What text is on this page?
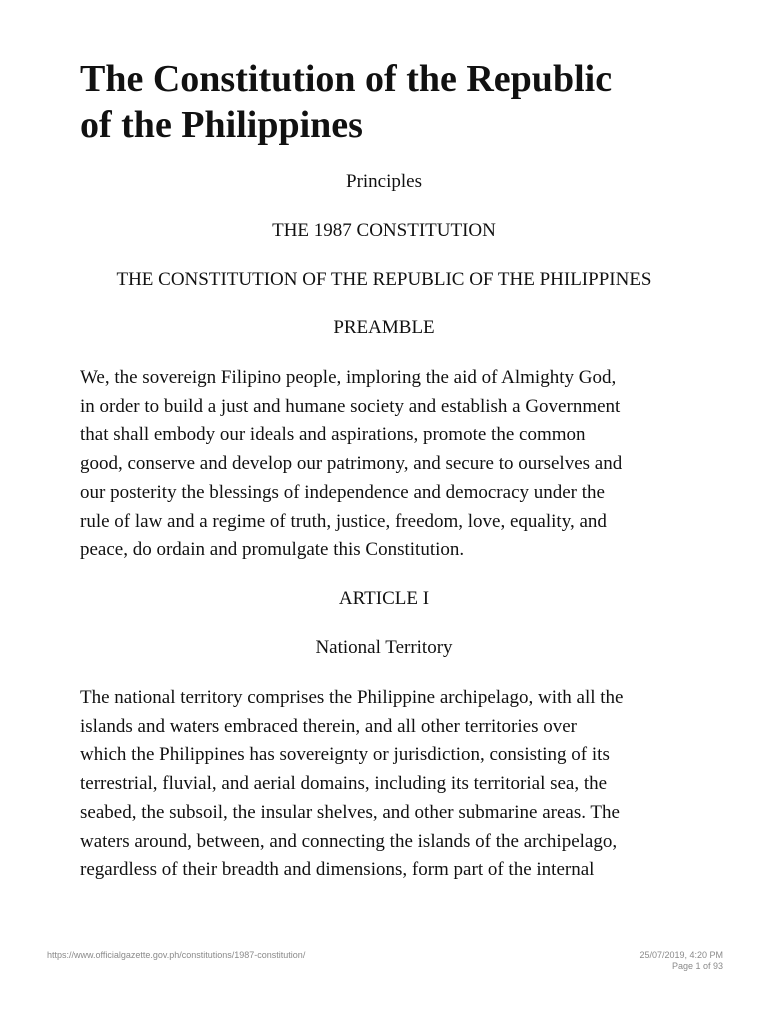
The Constitution of the Republic
of the Philippines

Principles

THE 1987 CONSTITUTION

THE CONSTITUTION OF THE REPUBLIC OF THE PHILIPPINES

PREAMBLE

We, the sovereign Filipino people, imploring the aid of Almighty God,
in order to build a just and humane society and establish a Government
that shall embody our ideals and aspirations, promote the common
good, conserve and develop our patrimony, and secure to ourselves and
our posterity the blessings of independence and democracy under the
rule of law and a regime of truth, justice, freedom, love, equality, and
peace, do ordain and promulgate this Constitution.

ARTICLE I

National Territory

The national territory comprises the Philippine archipelago, with all the
islands and waters embraced therein, and all other territories over
which the Philippines has sovereignty or jurisdiction, consisting of its
terrestrial, fluvial, and aerial domains, including its territorial sea, the
seabed, the subsoil, the insular shelves, and other submarine areas. The
waters around, between, and connecting the islands of the archipelago,
regardless of their breadth and dimensions, form part of the internal

https://www.officialgazette.gov.ph/constitutions/1987-constitution/	25/07/2019, 4:20 PM
Page 1 of 93
